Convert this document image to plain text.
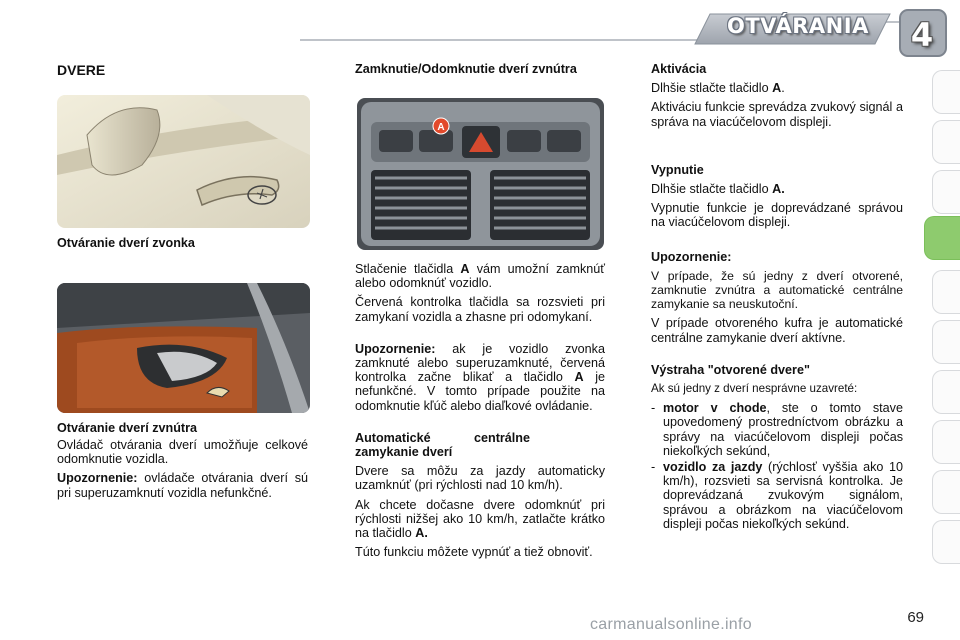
OTVÁRANIA 4
DVERE
Otváranie dverí zvonka
Otváranie dverí zvnútra

Ovládač otvárania dverí umožňuje celkové odomknutie vozidla.

Upozornenie: ovládače otvárania dverí sú pri superuzamknutí vozidla nefunkčné.

Zamknutie/Odomknutie dverí zvnútra
A

Stlačenie tlačidla A vám umožní zamknúť alebo odomknúť vozidlo.

Červená kontrolka tlačidla sa rozsvieti pri zamykaní vozidla a zhasne pri odomykaní.

Upozornenie: ak je vozidlo zvonka zamknuté alebo superuzamknuté, červená kontrolka začne blikať a tlačidlo A je nefunkčné. V tomto prípade použite na odomknutie kľúč alebo diaľkové ovládanie.

Automatické centrálne zamykanie dverí

Dvere sa môžu za jazdy automaticky uzamknúť (pri rýchlosti nad 10 km/h).

Ak chcete dočasne dvere odomknúť pri rýchlosti nižšej ako 10 km/h, zatlačte krátko na tlačidlo A.

Túto funkciu môžete vypnúť a tiež obnoviť.

Aktivácia

Dlhšie stlačte tlačidlo A.

Aktiváciu funkcie sprevádza zvukový signál a správa na viacúčelovom displeji.

Vypnutie

Dlhšie stlačte tlačidlo A.

Vypnutie funkcie je doprevádzané správou na viacúčelovom displeji.

Upozornenie:

V prípade, že sú jedny z dverí otvorené, zamknutie zvnútra a automatické centrálne zamykanie sa neuskutoční.

V prípade otvoreného kufra je automatické centrálne zamykanie dverí aktívne.

Výstraha "otvorené dvere"

Ak sú jedny z dverí nesprávne uzavreté:

- motor v chode, ste o tomto stave upovedomený prostredníctvom obrázku a správy na viacúčelovom displeji počas niekoľkých sekúnd,
- vozidlo za jazdy (rýchlosť vyššia ako 10 km/h), rozsvieti sa servisná kontrolka. Je doprevádzaná zvukovým signálom, správou a obrázkom na viacúčelovom displeji počas niekoľkých sekúnd.
69
carmanualsonline.info
